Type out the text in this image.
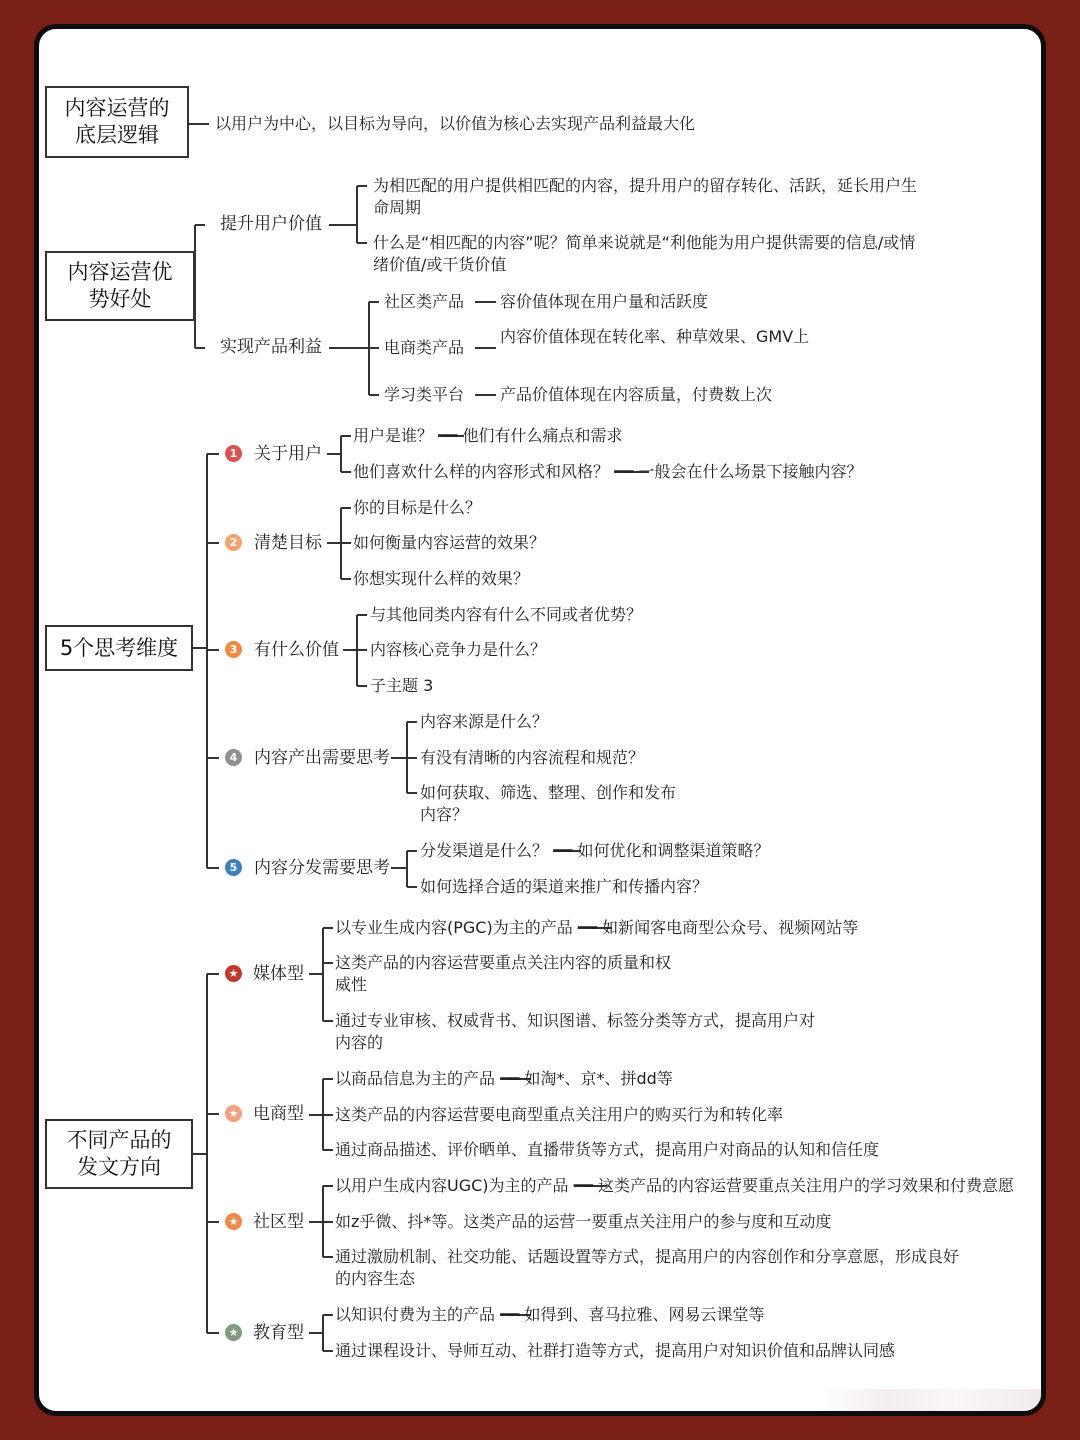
内容运营的底层逻辑	以用户为中心，以目标为导向，以价值为核心去实现产品利益最大化
内容运营优势好处
提升用户价值
为相匹配的用户提供相匹配的内容，提升用户的留存转化、活跃，延长用户生命周期
什么是“相匹配的内容”呢？简单来说就是“利他能为用户提供需要的信息/或情绪价值/或干货价值
实现产品利益
社区类产品 容价值体现在用户量和活跃度
电商类产品
内容价值体现在转化率、种草效果、GMV上
学习类平台 产品价值体现在内容质量，付费数上次
5个思考维度
1 关于用户
用户是谁？ ━━ 他们有什么痛点和需求
他们喜欢什么样的内容形式和风格？ ━━ 一般会在什么场景下接触内容？
2 清楚目标
你的目标是什么？
如何衡量内容运营的效果？
你想实现什么样的效果？
3 有什么价值
与其他同类内容有什么不同或者优势？
内容核心竞争力是什么？
子主题 3
4 内容产出需要思考
内容来源是什么？
有没有清晰的内容流程和规范？
如何获取、筛选、整理、创作和发布内容？
5 内容分发需要思考
分发渠道是什么？ ━━ 如何优化和调整渠道策略？
如何选择合适的渠道来推广和传播内容？
不同产品的发文方向
★ 媒体型
以专业生成内容(PGC)为主的产品 ━━ 如新闻客电商型公众号、视频网站等
这类产品的内容运营要重点关注内容的质量和权威性
通过专业审核、权威背书、知识图谱、标签分类等方式，提高用户对内容的
★ 电商型
以商品信息为主的产品 ━━ 如淘*、京*、拼dd等
这类产品的内容运营要电商型重点关注用户的购买行为和转化率
通过商品描述、评价晒单、直播带货等方式，提高用户对商品的认知和信任度
★ 社区型
以用户生成内容UGC)为主的产品 ━━ 这类产品的内容运营要重点关注用户的学习效果和付费意愿
如z乎微、抖*等。这类产品的运营一要重点关注用户的参与度和互动度
通过激励机制、社交功能、话题设置等方式，提高用户的内容创作和分享意愿，形成良好的内容生态
★ 教育型
以知识付费为主的产品 ━━ 如得到、喜马拉雅、网易云课堂等
通过课程设计、导师互动、社群打造等方式，提高用户对知识价值和品牌认同感
